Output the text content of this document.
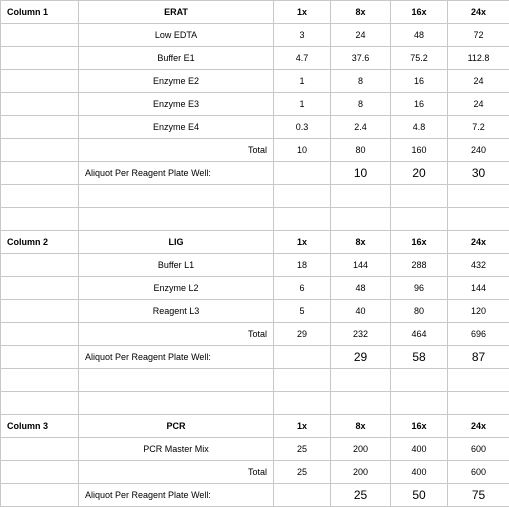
Column 1	ERAT	1x	8x	16x	24x
	Low EDTA	3	24	48	72
	Buffer E1	4.7	37.6	75.2	112.8
	Enzyme E2	1	8	16	24
	Enzyme E3	1	8	16	24
	Enzyme E4	0.3	2.4	4.8	7.2
	Total	10	80	160	240
	Aliquot Per Reagent Plate Well:		10	20	30

Column 2	LIG	1x	8x	16x	24x
	Buffer L1	18	144	288	432
	Enzyme L2	6	48	96	144
	Reagent L3	5	40	80	120
	Total	29	232	464	696
	Aliquot Per Reagent Plate Well:		29	58	87

Column 3	PCR	1x	8x	16x	24x
	PCR Master Mix	25	200	400	600
	Total	25	200	400	600
	Aliquot Per Reagent Plate Well:		25	50	75
